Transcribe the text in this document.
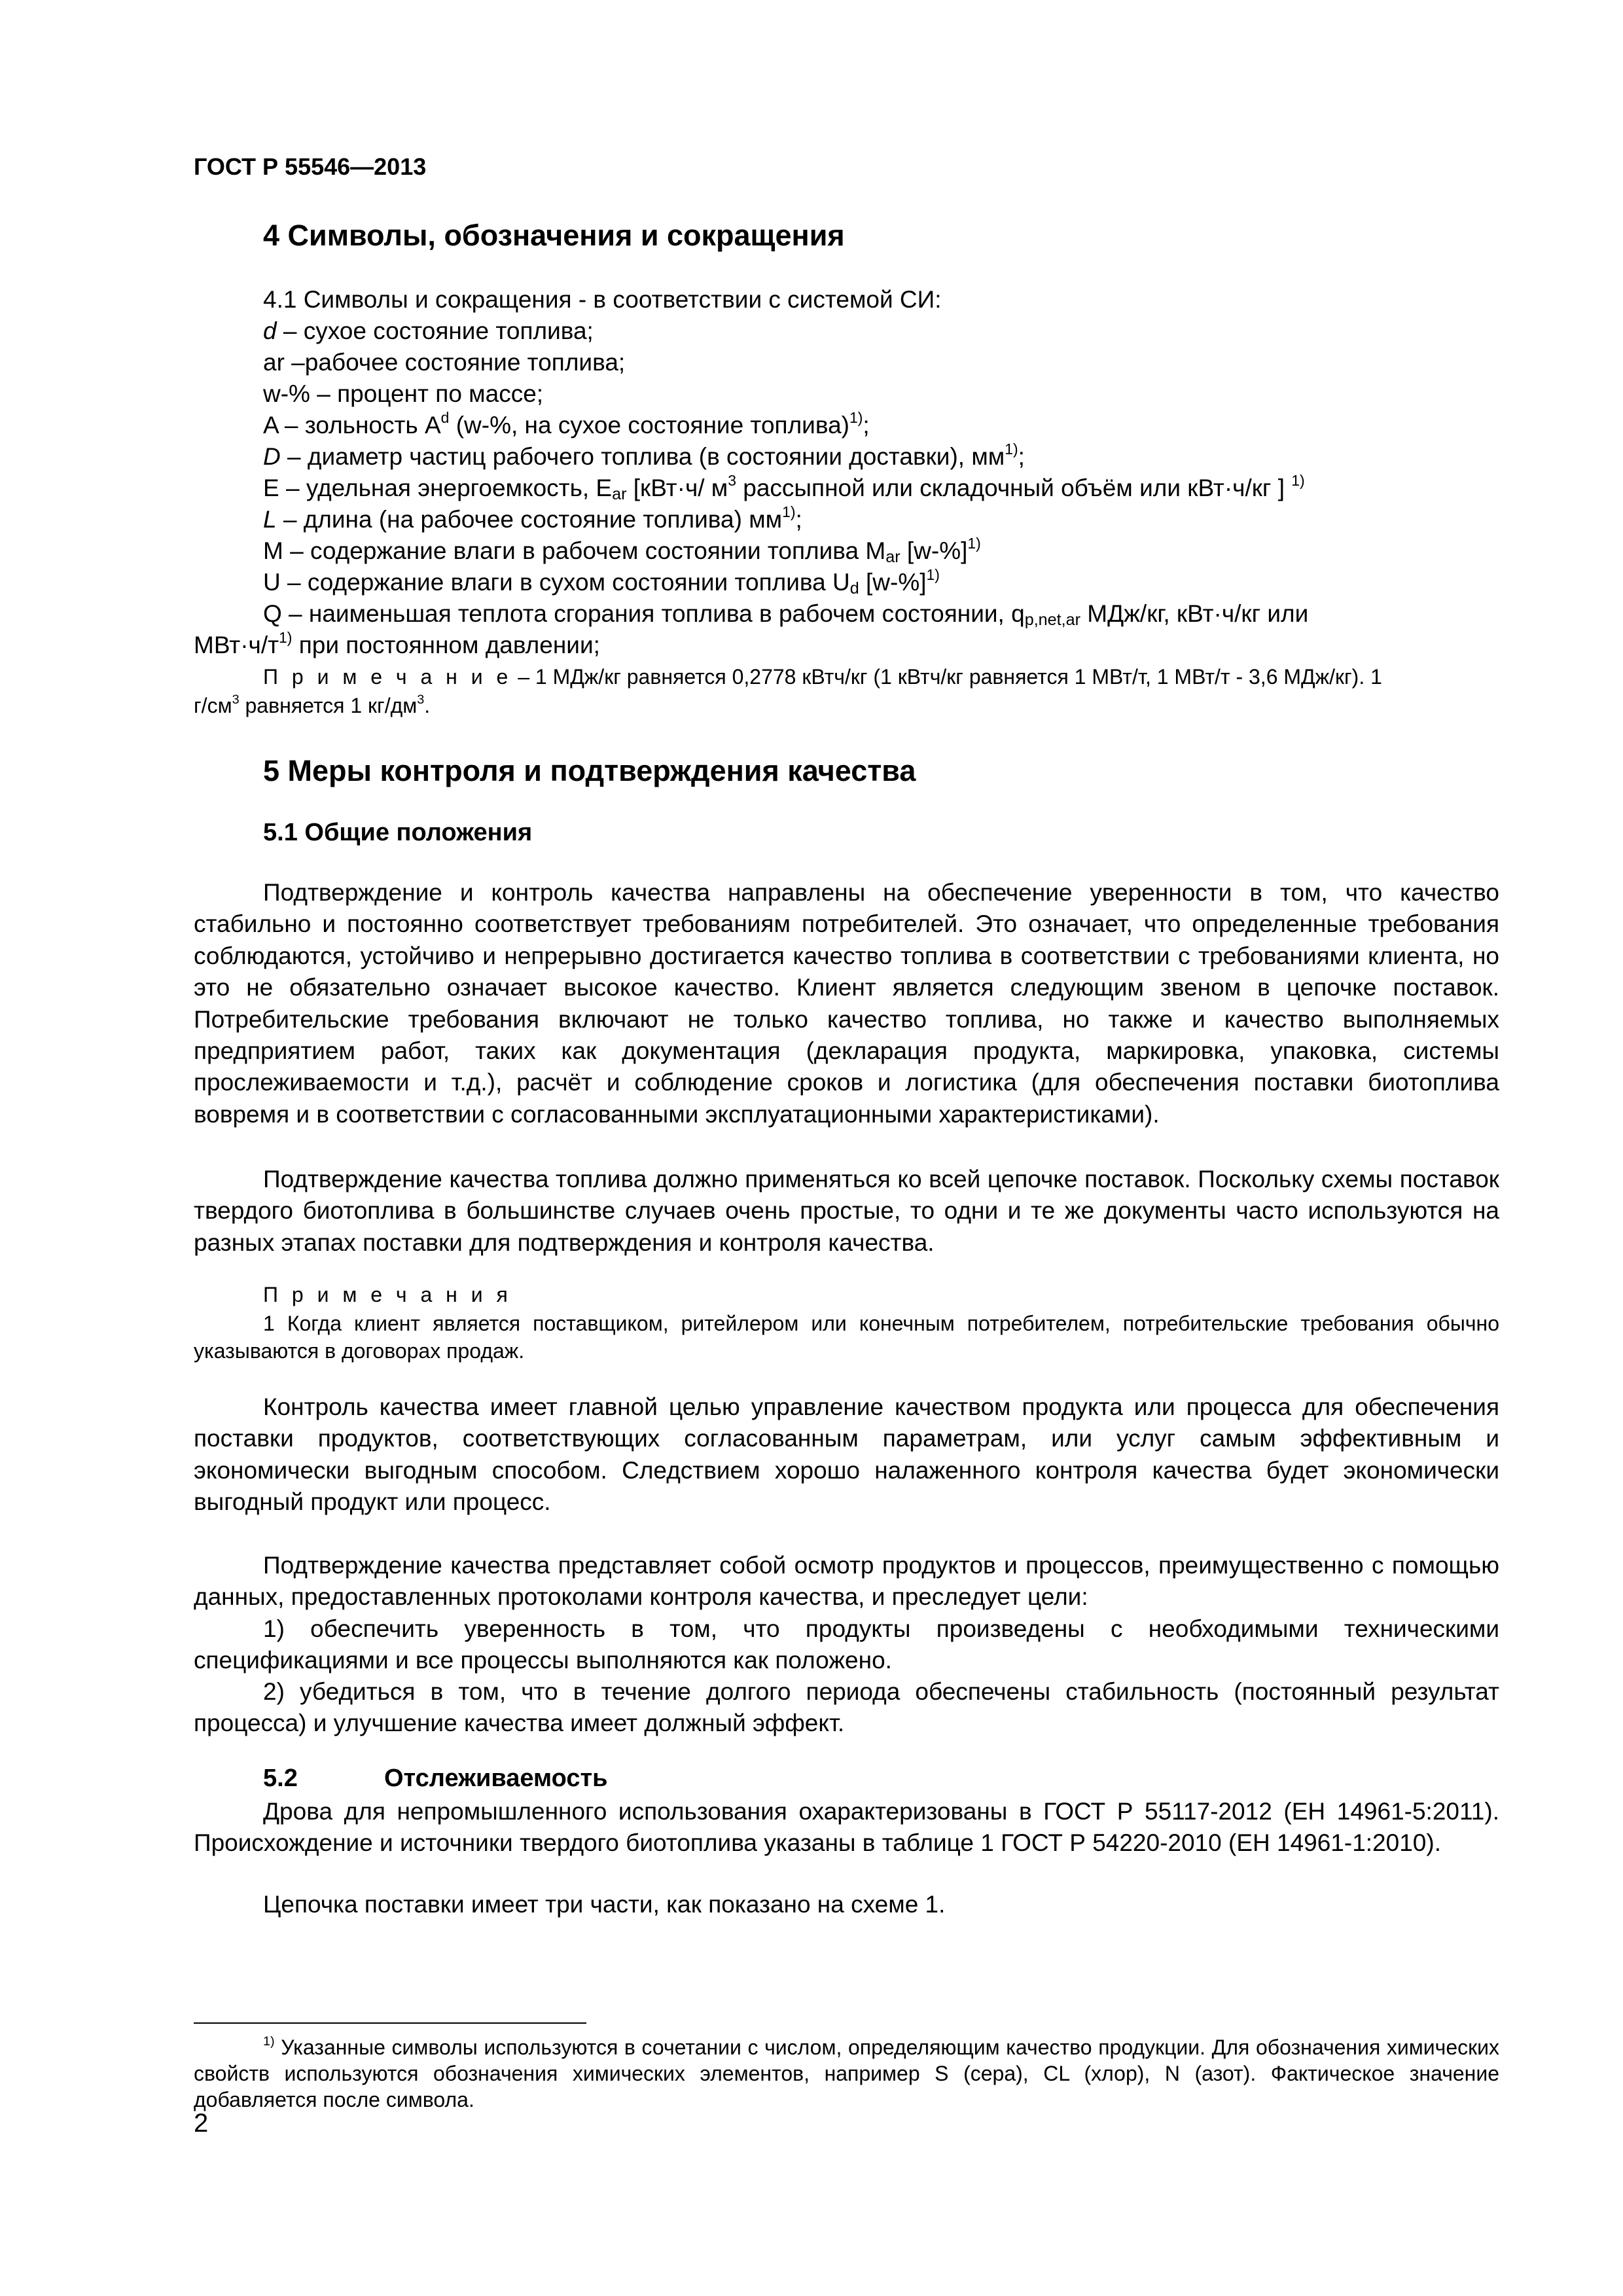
ГОСТ Р 55546—2013
4 Символы, обозначения и сокращения
4.1 Символы и сокращения - в соответствии с системой СИ:
d – сухое состояние топлива;
ar –рабочее состояние топлива;
w-% – процент по массе;
A – зольность $A^d$ (w-%, на сухое состояние топлива)$^{1)}$;
D – диаметр частиц рабочего топлива (в состоянии доставки), $мм^{1)}$;
E – удельная энергоемкость, $E_{ar}$ [кВт·ч/ $м^3$ рассыпной или складочный объём или кВт·ч/кг ] $^{1)}$
L – длина (на рабочее состояние топлива) $мм^{1)}$;
M – содержание влаги в рабочем состоянии топлива $M_{ar}$ $[w-\%]^{1)}$
U – содержание влаги в сухом состоянии топлива $U_d$ $[w-\%]^{1)}$
Q – наименьшая теплота сгорания топлива в рабочем состоянии, $q_{p,net,ar}$ МДж/кг, кВт·ч/кг или
$МВт\cdot ч/т^{1)}$ при постоянном давлении;
П р и м е ч а н и е – 1 МДж/кг равняется 0,2778 кВтч/кг (1 кВтч/кг равняется 1 МВт/т, 1 МВт/т - 3,6 МДж/кг). 1
$г/см^3$ равняется 1 $кг/дм^3$.
5 Меры контроля и подтверждения качества
5.1 Общие положения
Подтверждение и контроль качества направлены на обеспечение уверенности в том, что качество стабильно и постоянно соответствует требованиям потребителей. Это означает, что определенные требования соблюдаются, устойчиво и непрерывно достигается качество топлива в соответствии с требованиями клиента, но это не обязательно означает высокое качество. Клиент является следующим звеном в цепочке поставок. Потребительские требования включают не только качество топлива, но также и качество выполняемых предприятием работ, таких как документация (декларация продукта, маркировка, упаковка, системы прослеживаемости и т.д.), расчёт и соблюдение сроков и логистика (для обеспечения поставки биотоплива вовремя и в соответствии с согласованными эксплуатационными характеристиками).
Подтверждение качества топлива должно применяться ко всей цепочке поставок. Поскольку схемы поставок твердого биотоплива в большинстве случаев очень простые, то одни и те же документы часто используются на разных этапах поставки для подтверждения и контроля качества.
П р и м е ч а н и я
1 Когда клиент является поставщиком, ритейлером или конечным потребителем, потребительские требования обычно указываются в договорах продаж.
Контроль качества имеет главной целью управление качеством продукта или процесса для обеспечения поставки продуктов, соответствующих согласованным параметрам, или услуг самым эффективным и экономически выгодным способом. Следствием хорошо налаженного контроля качества будет экономически выгодный продукт или процесс.
Подтверждение качества представляет собой осмотр продуктов и процессов, преимущественно с помощью данных, предоставленных протоколами контроля качества, и преследует цели:
1) обеспечить уверенность в том, что продукты произведены с необходимыми техническими спецификациями и все процессы выполняются как положено.
2) убедиться в том, что в течение долгого периода обеспечены стабильность (постоянный результат процесса) и улучшение качества имеет должный эффект.
5.2	Отслеживаемость
Дрова для непромышленного использования охарактеризованы в ГОСТ Р 55117-2012 (ЕН 14961-5:2011). Происхождение и источники твердого биотоплива указаны в таблице 1 ГОСТ Р 54220-2010 (ЕН 14961-1:2010).
Цепочка поставки имеет три части, как показано на схеме 1.
$^{1)}$ Указанные символы используются в сочетании с числом, определяющим качество продукции. Для обозначения химических свойств используются обозначения химических элементов, например S (сера), CL (хлор), N (азот). Фактическое значение добавляется после символа.
2
